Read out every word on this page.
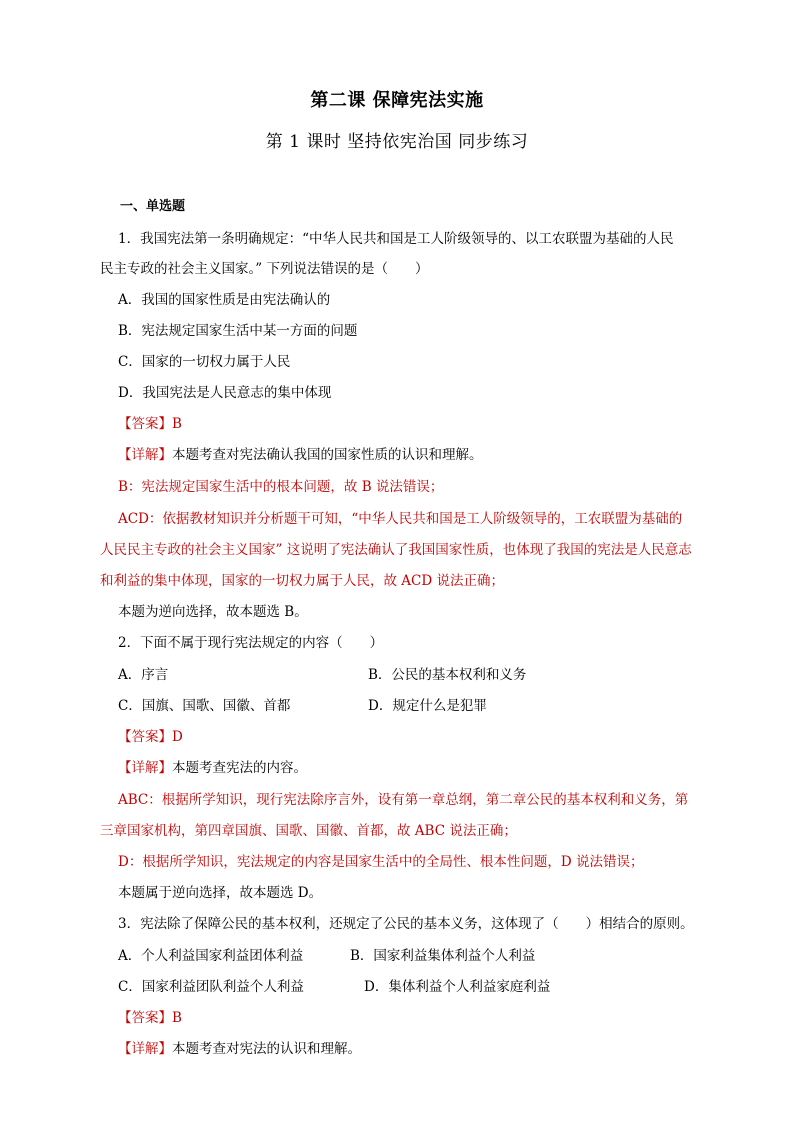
第二课 保障宪法实施
第 1 课时 坚持依宪治国 同步练习
一、单选题
1．我国宪法第一条明确规定：“中华人民共和国是工人阶级领导的、以工农联盟为基础的人民
民主专政的社会主义国家。” 下列说法错误的是（　　）
A．我国的国家性质是由宪法确认的
B．宪法规定国家生活中某一方面的问题
C．国家的一切权力属于人民
D．我国宪法是人民意志的集中体现
【答案】B
【详解】本题考查对宪法确认我国的国家性质的认识和理解。
B：宪法规定国家生活中的根本问题，故 B 说法错误；
ACD：依据教材知识并分析题干可知，“中华人民共和国是工人阶级领导的，工农联盟为基础的
人民民主专政的社会主义国家” 这说明了宪法确认了我国国家性质，也体现了我国的宪法是人民意志
和利益的集中体现，国家的一切权力属于人民，故 ACD 说法正确；
本题为逆向选择，故本题选 B。
2．下面不属于现行宪法规定的内容（　　）
A．序言	B．公民的基本权利和义务
C．国旗、国歌、国徽、首都	D．规定什么是犯罪
【答案】D
【详解】本题考查宪法的内容。
ABC：根据所学知识，现行宪法除序言外，设有第一章总纲，第二章公民的基本权利和义务，第
三章国家机构，第四章国旗、国歌、国徽、首都，故 ABC 说法正确；
D：根据所学知识，宪法规定的内容是国家生活中的全局性、根本性问题，D 说法错误；
本题属于逆向选择，故本题选 D。
3．宪法除了保障公民的基本权利，还规定了公民的基本义务，这体现了（　　）相结合的原则。
A．个人利益国家利益团体利益	B．国家利益集体利益个人利益
C．国家利益团队利益个人利益	D．集体利益个人利益家庭利益
【答案】B
【详解】本题考查对宪法的认识和理解。
